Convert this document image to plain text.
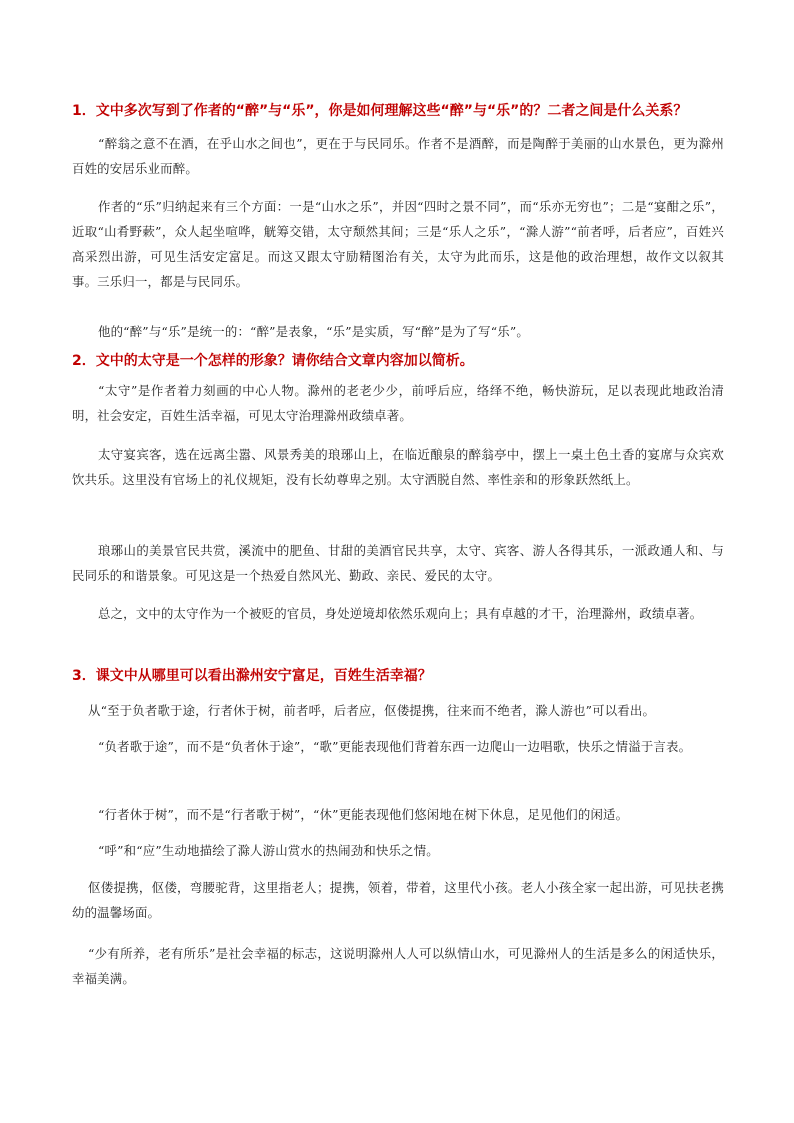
1．文中多次写到了作者的“醉”与“乐”，你是如何理解这些“醉”与“乐”的？二者之间是什么关系？

“醉翁之意不在酒，在乎山水之间也”，更在于与民同乐。作者不是酒醉，而是陶醉于美丽的山水景色，更为滁州百姓的安居乐业而醉。

作者的“乐”归纳起来有三个方面：一是“山水之乐”，并因“四时之景不同”，而“乐亦无穷也”；二是“宴酣之乐”，近取“山肴野蔌”，众人起坐喧哗，觥筹交错，太守颓然其间；三是“乐人之乐”，“滁人游”“前者呼，后者应”，百姓兴高采烈出游，可见生活安定富足。而这又跟太守励精图治有关，太守为此而乐，这是他的政治理想，故作文以叙其事。三乐归一，都是与民同乐。

他的“醉”与“乐”是统一的：“醉”是表象，“乐”是实质，写“醉”是为了写“乐”。

2．文中的太守是一个怎样的形象？请你结合文章内容加以简析。

“太守”是作者着力刻画的中心人物。滁州的老老少少，前呼后应，络绎不绝，畅快游玩，足以表现此地政治清明，社会安定，百姓生活幸福，可见太守治理滁州政绩卓著。

太守宴宾客，选在远离尘嚣、风景秀美的琅琊山上，在临近酿泉的醉翁亭中，摆上一桌土色土香的宴席与众宾欢饮共乐。这里没有官场上的礼仪规矩，没有长幼尊卑之别。太守洒脱自然、率性亲和的形象跃然纸上。

琅琊山的美景官民共赏，溪流中的肥鱼、甘甜的美酒官民共享，太守、宾客、游人各得其乐，一派政通人和、与民同乐的和谐景象。可见这是一个热爱自然风光、勤政、亲民、爱民的太守。

总之，文中的太守作为一个被贬的官员，身处逆境却依然乐观向上；具有卓越的才干，治理滁州，政绩卓著。

3．课文中从哪里可以看出滁州安宁富足，百姓生活幸福？

从“至于负者歌于途，行者休于树，前者呼，后者应，伛偻提携，往来而不绝者，滁人游也”可以看出。

“负者歌于途”，而不是“负者休于途”，“歌”更能表现他们背着东西一边爬山一边唱歌，快乐之情溢于言表。

“行者休于树”，而不是“行者歌于树”，“休”更能表现他们悠闲地在树下休息，足见他们的闲适。

“呼”和“应”生动地描绘了滁人游山赏水的热闹劲和快乐之情。

伛偻提携，伛偻，弯腰驼背，这里指老人；提携，领着，带着，这里代小孩。老人小孩全家一起出游，可见扶老携幼的温馨场面。

“少有所养，老有所乐”是社会幸福的标志，这说明滁州人人可以纵情山水，可见滁州人的生活是多么的闲适快乐，幸福美满。
